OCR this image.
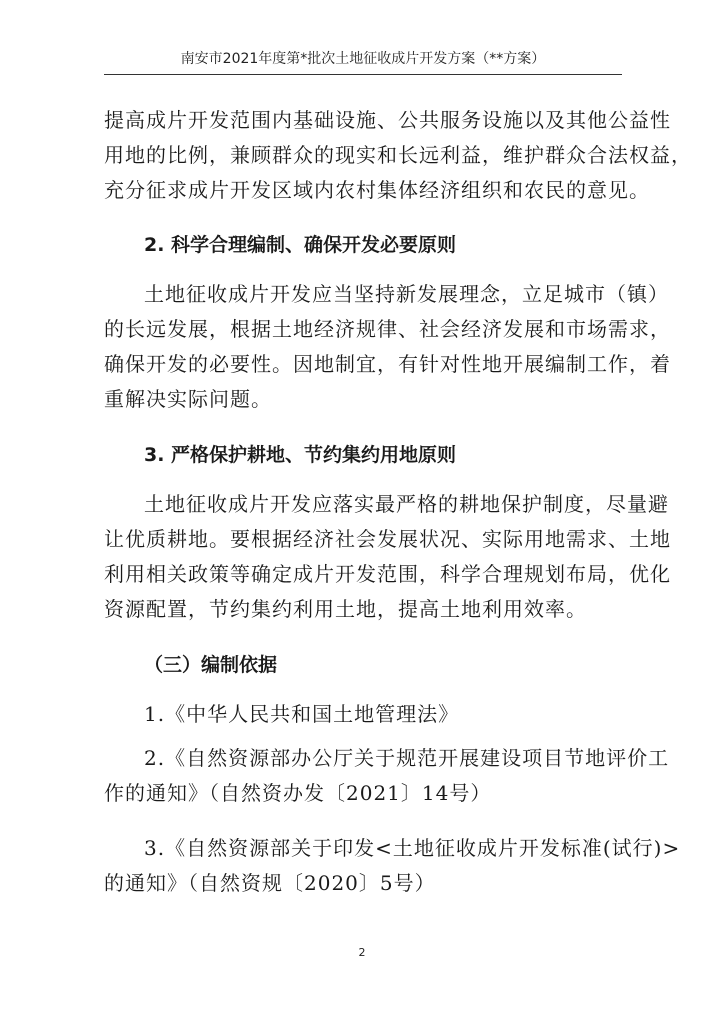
南安市2021年度第*批次土地征收成片开发方案（**方案）
提高成片开发范围内基础设施、公共服务设施以及其他公益性
用地的比例，兼顾群众的现实和长远利益，维护群众合法权益，
充分征求成片开发区域内农村集体经济组织和农民的意见。
2. 科学合理编制、确保开发必要原则
土地征收成片开发应当坚持新发展理念，立足城市（镇）
的长远发展，根据土地经济规律、社会经济发展和市场需求，
确保开发的必要性。因地制宜，有针对性地开展编制工作，着
重解决实际问题。
3. 严格保护耕地、节约集约用地原则
土地征收成片开发应落实最严格的耕地保护制度，尽量避
让优质耕地。要根据经济社会发展状况、实际用地需求、土地
利用相关政策等确定成片开发范围，科学合理规划布局，优化
资源配置，节约集约利用土地，提高土地利用效率。
（三）编制依据
1.《中华人民共和国土地管理法》
2.《自然资源部办公厅关于规范开展建设项目节地评价工
作的通知》（自然资办发〔2021〕14号）
3.《自然资源部关于印发<土地征收成片开发标准(试行)>
的通知》（自然资规〔2020〕5号）
2
